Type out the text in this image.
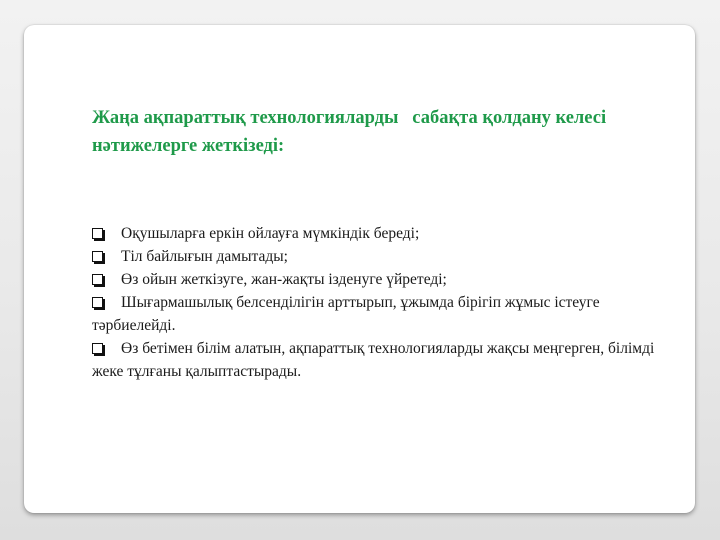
Жаңа ақпараттық технологияларды   сабақта қолдану келесі нәтижелерге жеткізеді:
Оқушыларға еркін ойлауға мүмкіндік береді;
Тіл байлығын дамытады;
Өз ойын жеткізуге, жан-жақты ізденуге үйретеді;
Шығармашылық белсенділігін арттырып, ұжымда бірігіп жұмыс істеуге тәрбиелейді.
Өз бетімен білім алатын, ақпараттық технологияларды жақсы меңгерген, білімді жеке тұлғаны қалыптастырады.
